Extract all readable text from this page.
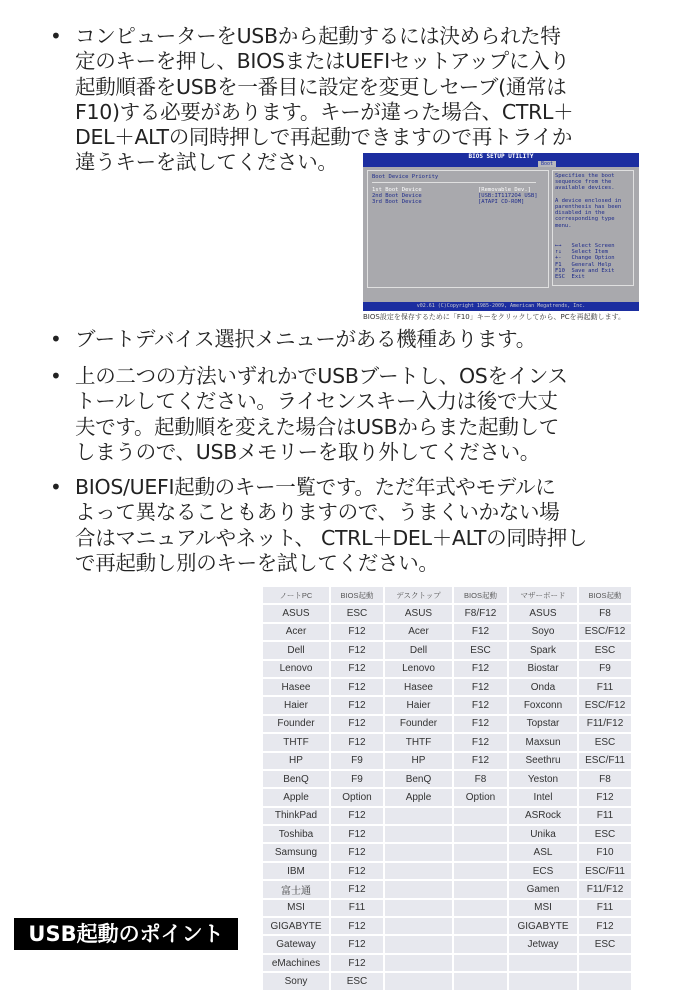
• コンピューターをUSBから起動するには決められた特
定のキーを押し、BIOSまたはUEFIセットアップに入り
起動順番をUSBを一番目に設定を変更しセーブ(通常は
F10)する必要があります。キーが違った場合、CTRL＋
DEL＋ALTの同時押しで再起動できますので再トライか
違うキーを試してください。
• ブートデバイス選択メニューがある機種あります。
• 上の二つの方法いずれかでUSBブートし、OSをインス
トールしてください。ライセンスキー入力は後で大丈
夫です。起動順を変えた場合はUSBからまた起動して
しまうので、USBメモリーを取り外してください。
• BIOS/UEFI起動のキー一覧です。ただ年式やモデルに
よって異なることもありますので、うまくいかない場
合はマニュアルやネット、 CTRL＋DEL＋ALTの同時押し
で再起動し別のキーを試してください。
BIOS SETUP UTILITY
Boot
Boot Device Priority
1st Boot Device	[Removable Dev.]
2nd Boot Device	[USB:IT1172O4 USB]
3rd Boot Device	[ATAPI CD-ROM]
Specifies the boot
sequence from the
available devices.
A device enclosed in
parenthesis has been
disabled in the
corresponding type
menu.
←→   Select Screen
↑↓   Select Item
+-   Change Option
F1   General Help
F10  Save and Exit
ESC  Exit
v02.61 (C)Copyright 1985-2009, American Megatrends, Inc.
BIOS設定を保存するために「F10」キーをクリックしてから、PCを再起動します。
ノートPC	BIOS起動	デスクトップ	BIOS起動	マザーボード	BIOS起動
ASUS	ESC	ASUS	F8/F12	ASUS	F8
Acer	F12	Acer	F12	Soyo	ESC/F12
Dell	F12	Dell	ESC	Spark	ESC
Lenovo	F12	Lenovo	F12	Biostar	F9
Hasee	F12	Hasee	F12	Onda	F11
Haier	F12	Haier	F12	Foxconn	ESC/F12
Founder	F12	Founder	F12	Topstar	F11/F12
THTF	F12	THTF	F12	Maxsun	ESC
HP	F9	HP	F12	Seethru	ESC/F11
BenQ	F9	BenQ	F8	Yeston	F8
Apple	Option	Apple	Option	Intel	F12
ThinkPad	F12			ASRock	F11
Toshiba	F12			Unika	ESC
Samsung	F12			ASL	F10
IBM	F12			ECS	ESC/F11
富士通	F12			Gamen	F11/F12
MSI	F11			MSI	F11
GIGABYTE	F12			GIGABYTE	F12
Gateway	F12			Jetway	ESC
eMachines	F12				
Sony	ESC				
USB起動のポイント
